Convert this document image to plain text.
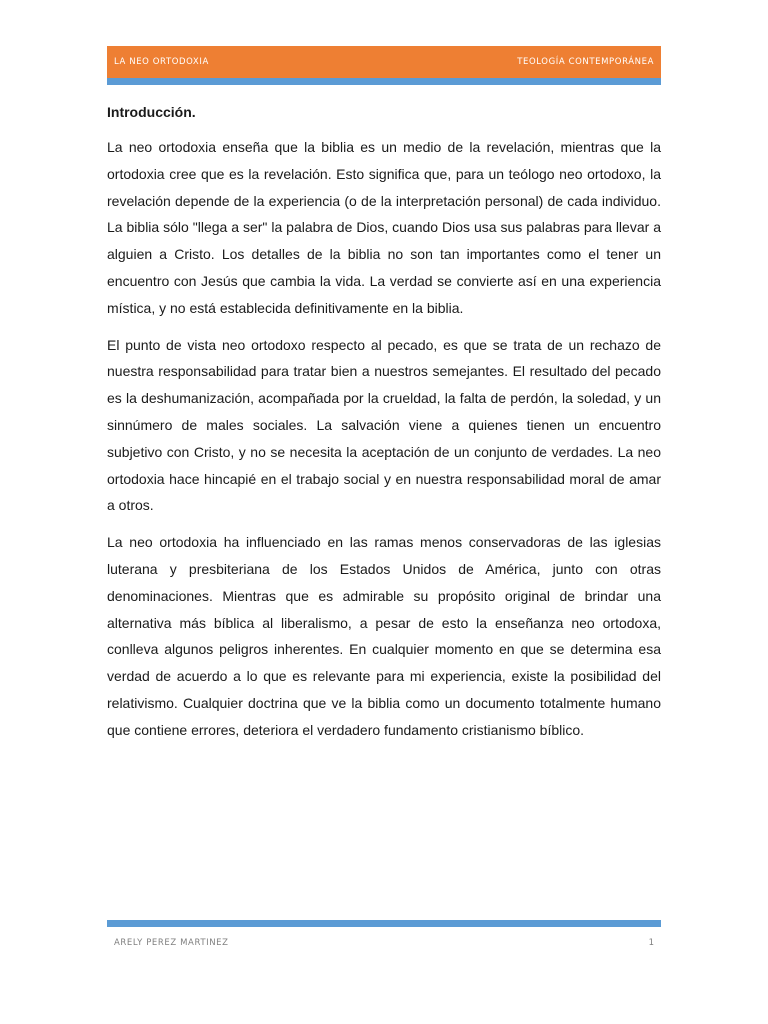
LA NEO ORTODOXIA	TEOLOGÍA CONTEMPORÁNEA

Introducción.

La neo ortodoxia enseña que la biblia es un medio de la revelación, mientras que la ortodoxia cree que es la revelación. Esto significa que, para un teólogo neo ortodoxo, la revelación depende de la experiencia (o de la interpretación personal) de cada individuo. La biblia sólo "llega a ser" la palabra de Dios, cuando Dios usa sus palabras para llevar a alguien a Cristo. Los detalles de la biblia no son tan importantes como el tener un encuentro con Jesús que cambia la vida. La verdad se convierte así en una experiencia mística, y no está establecida definitivamente en la biblia.

El punto de vista neo ortodoxo respecto al pecado, es que se trata de un rechazo de nuestra responsabilidad para tratar bien a nuestros semejantes. El resultado del pecado es la deshumanización, acompañada por la crueldad, la falta de perdón, la soledad, y un sinnúmero de males sociales. La salvación viene a quienes tienen un encuentro subjetivo con Cristo, y no se necesita la aceptación de un conjunto de verdades. La neo ortodoxia hace hincapié en el trabajo social y en nuestra responsabilidad moral de amar a otros.

La neo ortodoxia ha influenciado en las ramas menos conservadoras de las iglesias luterana y presbiteriana de los Estados Unidos de América, junto con otras denominaciones. Mientras que es admirable su propósito original de brindar una alternativa más bíblica al liberalismo, a pesar de esto la enseñanza neo ortodoxa, conlleva algunos peligros inherentes. En cualquier momento en que se determina esa verdad de acuerdo a lo que es relevante para mi experiencia, existe la posibilidad del relativismo. Cualquier doctrina que ve la biblia como un documento totalmente humano que contiene errores, deteriora el verdadero fundamento cristianismo bíblico.

ARELY PEREZ MARTINEZ	1
